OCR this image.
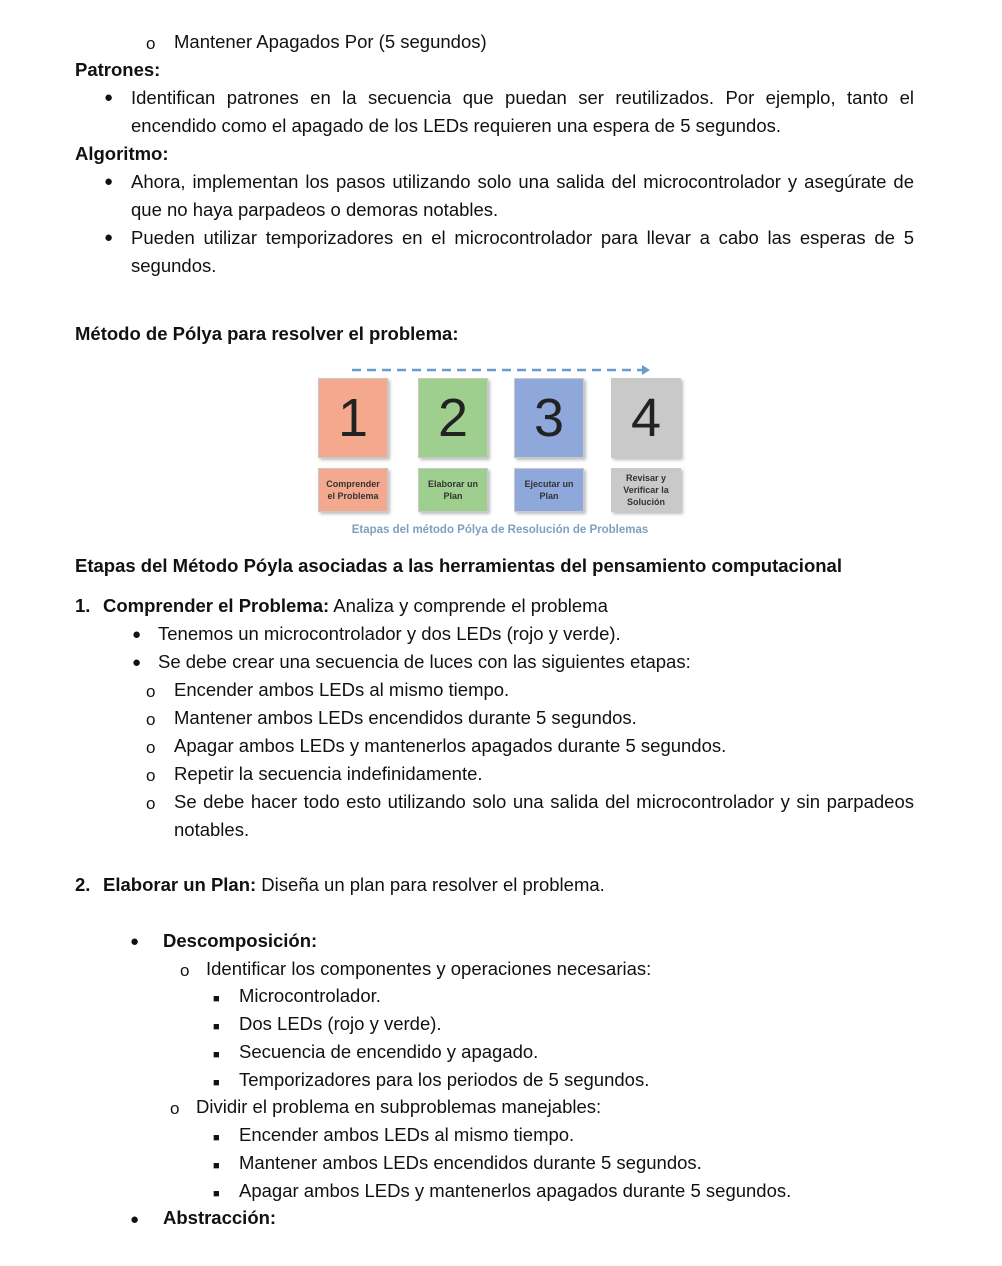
o Mantener Apagados Por (5 segundos)
Patrones:
● Identifican patrones en la secuencia que puedan ser reutilizados. Por ejemplo, tanto el encendido como el apagado de los LEDs requieren una espera de 5 segundos.
Algoritmo:
● Ahora, implementan los pasos utilizando solo una salida del microcontrolador y asegúrate de que no haya parpadeos o demoras notables.
● Pueden utilizar temporizadores en el microcontrolador para llevar a cabo las esperas de 5 segundos.
Método de Pólya para resolver el problema:
1 2 3 4
Comprender el Problema
Elaborar un Plan
Ejecutar un Plan
Revisar y Verificar la Solución
Etapas del método Pólya de Resolución de Problemas
Etapas del Método Póyla asociadas a las herramientas del pensamiento computacional
1. Comprender el Problema: Analiza y comprende el problema
● Tenemos un microcontrolador y dos LEDs (rojo y verde).
● Se debe crear una secuencia de luces con las siguientes etapas:
o Encender ambos LEDs al mismo tiempo.
o Mantener ambos LEDs encendidos durante 5 segundos.
o Apagar ambos LEDs y mantenerlos apagados durante 5 segundos.
o Repetir la secuencia indefinidamente.
o Se debe hacer todo esto utilizando solo una salida del microcontrolador y sin parpadeos notables.
2. Elaborar un Plan: Diseña un plan para resolver el problema.
● Descomposición:
o Identificar los componentes y operaciones necesarias:
■ Microcontrolador.
■ Dos LEDs (rojo y verde).
■ Secuencia de encendido y apagado.
■ Temporizadores para los periodos de 5 segundos.
o Dividir el problema en subproblemas manejables:
■ Encender ambos LEDs al mismo tiempo.
■ Mantener ambos LEDs encendidos durante 5 segundos.
■ Apagar ambos LEDs y mantenerlos apagados durante 5 segundos.
● Abstracción:
